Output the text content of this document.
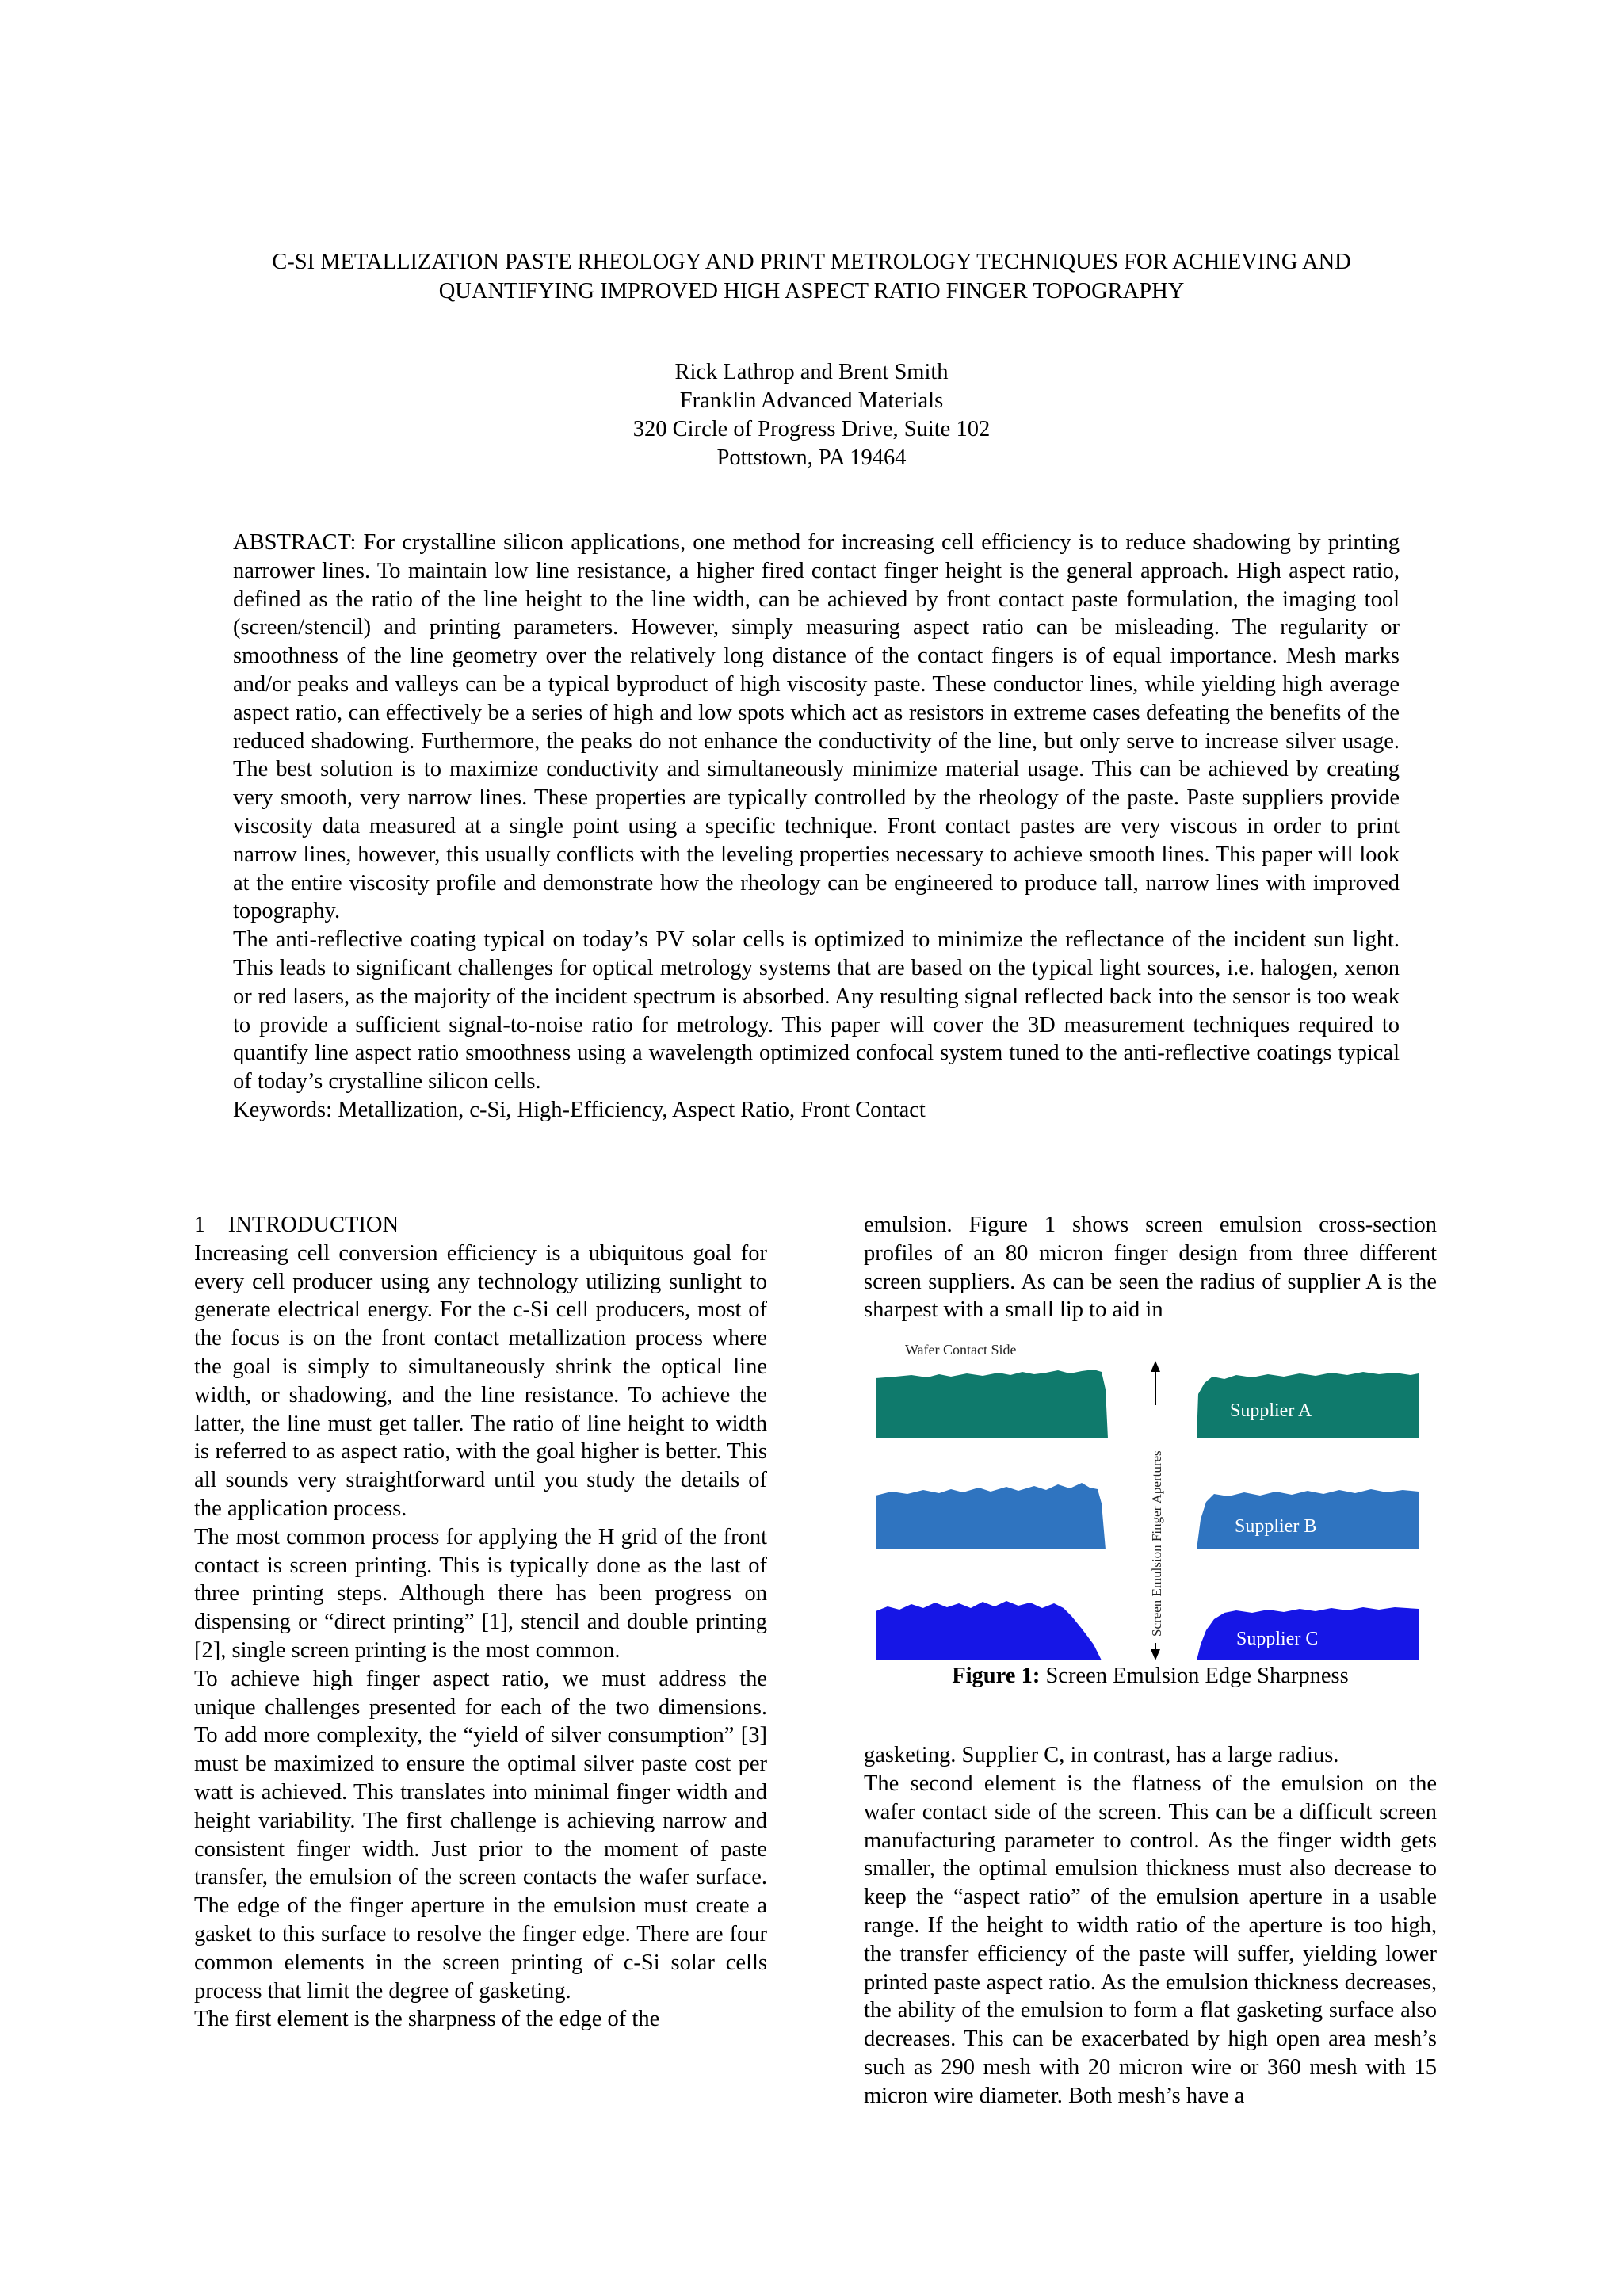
C-SI METALLIZATION PASTE RHEOLOGY AND PRINT METROLOGY TECHNIQUES FOR ACHIEVING AND
QUANTIFYING IMPROVED HIGH ASPECT RATIO FINGER TOPOGRAPHY
Rick Lathrop and Brent Smith
Franklin Advanced Materials
320 Circle of Progress Drive, Suite 102
Pottstown, PA 19464

ABSTRACT: For crystalline silicon applications, one method for increasing cell efficiency is to reduce shadowing by printing narrower lines. To maintain low line resistance, a higher fired contact finger height is the general approach. High aspect ratio, defined as the ratio of the line height to the line width, can be achieved by front contact paste formulation, the imaging tool (screen/stencil) and printing parameters. However, simply measuring aspect ratio can be misleading. The regularity or smoothness of the line geometry over the relatively long distance of the contact fingers is of equal importance. Mesh marks and/or peaks and valleys can be a typical byproduct of high viscosity paste. These conductor lines, while yielding high average aspect ratio, can effectively be a series of high and low spots which act as resistors in extreme cases defeating the benefits of the reduced shadowing. Furthermore, the peaks do not enhance the conductivity of the line, but only serve to increase silver usage. The best solution is to maximize conductivity and simultaneously minimize material usage. This can be achieved by creating very smooth, very narrow lines. These properties are typically controlled by the rheology of the paste. Paste suppliers provide viscosity data measured at a single point using a specific technique. Front contact pastes are very viscous in order to print narrow lines, however, this usually conflicts with the leveling properties necessary to achieve smooth lines. This paper will look at the entire viscosity profile and demonstrate how the rheology can be engineered to produce tall, narrow lines with improved topography.

The anti-reflective coating typical on today’s PV solar cells is optimized to minimize the reflectance of the incident sun light. This leads to significant challenges for optical metrology systems that are based on the typical light sources, i.e. halogen, xenon or red lasers, as the majority of the incident spectrum is absorbed. Any resulting signal reflected back into the sensor is too weak to provide a sufficient signal-to-noise ratio for metrology. This paper will cover the 3D measurement techniques required to quantify line aspect ratio smoothness using a wavelength optimized confocal system tuned to the anti-reflective coatings typical of today’s crystalline silicon cells.

Keywords: Metallization, c-Si, High-Efficiency, Aspect Ratio, Front Contact

1    INTRODUCTION

Increasing cell conversion efficiency is a ubiquitous goal for every cell producer using any technology utilizing sunlight to generate electrical energy. For the c-Si cell producers, most of the focus is on the front contact metallization process where the goal is simply to simultaneously shrink the optical line width, or shadowing, and the line resistance. To achieve the latter, the line must get taller. The ratio of line height to width is referred to as aspect ratio, with the goal higher is better. This all sounds very straightforward until you study the details of the application process.

The most common process for applying the H grid of the front contact is screen printing. This is typically done as the last of three printing steps. Although there has been progress on dispensing or “direct printing” [1], stencil and double printing [2], single screen printing is the most common.

To achieve high finger aspect ratio, we must address the unique challenges presented for each of the two dimensions. To add more complexity, the “yield of silver consumption” [3] must be maximized to ensure the optimal silver paste cost per watt is achieved. This translates into minimal finger width and height variability. The first challenge is achieving narrow and consistent finger width. Just prior to the moment of paste transfer, the emulsion of the screen contacts the wafer surface. The edge of the finger aperture in the emulsion must create a gasket to this surface to resolve the finger edge. There are four common elements in the screen printing of c-Si solar cells process that limit the degree of gasketing.

The first element is the sharpness of the edge of the

emulsion. Figure 1 shows screen emulsion cross-section profiles of an 80 micron finger design from three different screen suppliers. As can be seen the radius of supplier A is the sharpest with a small lip to aid in

Wafer Contact Side
Screen Emulsion Finger Apertures
Supplier A
Supplier B
Supplier C
Figure 1: Screen Emulsion Edge Sharpness

gasketing. Supplier C, in contrast, has a large radius.

The second element is the flatness of the emulsion on the wafer contact side of the screen. This can be a difficult screen manufacturing parameter to control. As the finger width gets smaller, the optimal emulsion thickness must also decrease to keep the “aspect ratio” of the emulsion aperture in a usable range. If the height to width ratio of the aperture is too high, the transfer efficiency of the paste will suffer, yielding lower printed paste aspect ratio. As the emulsion thickness decreases, the ability of the emulsion to form a flat gasketing surface also decreases. This can be exacerbated by high open area mesh’s such as 290 mesh with 20 micron wire or 360 mesh with 15 micron wire diameter. Both mesh’s have a
